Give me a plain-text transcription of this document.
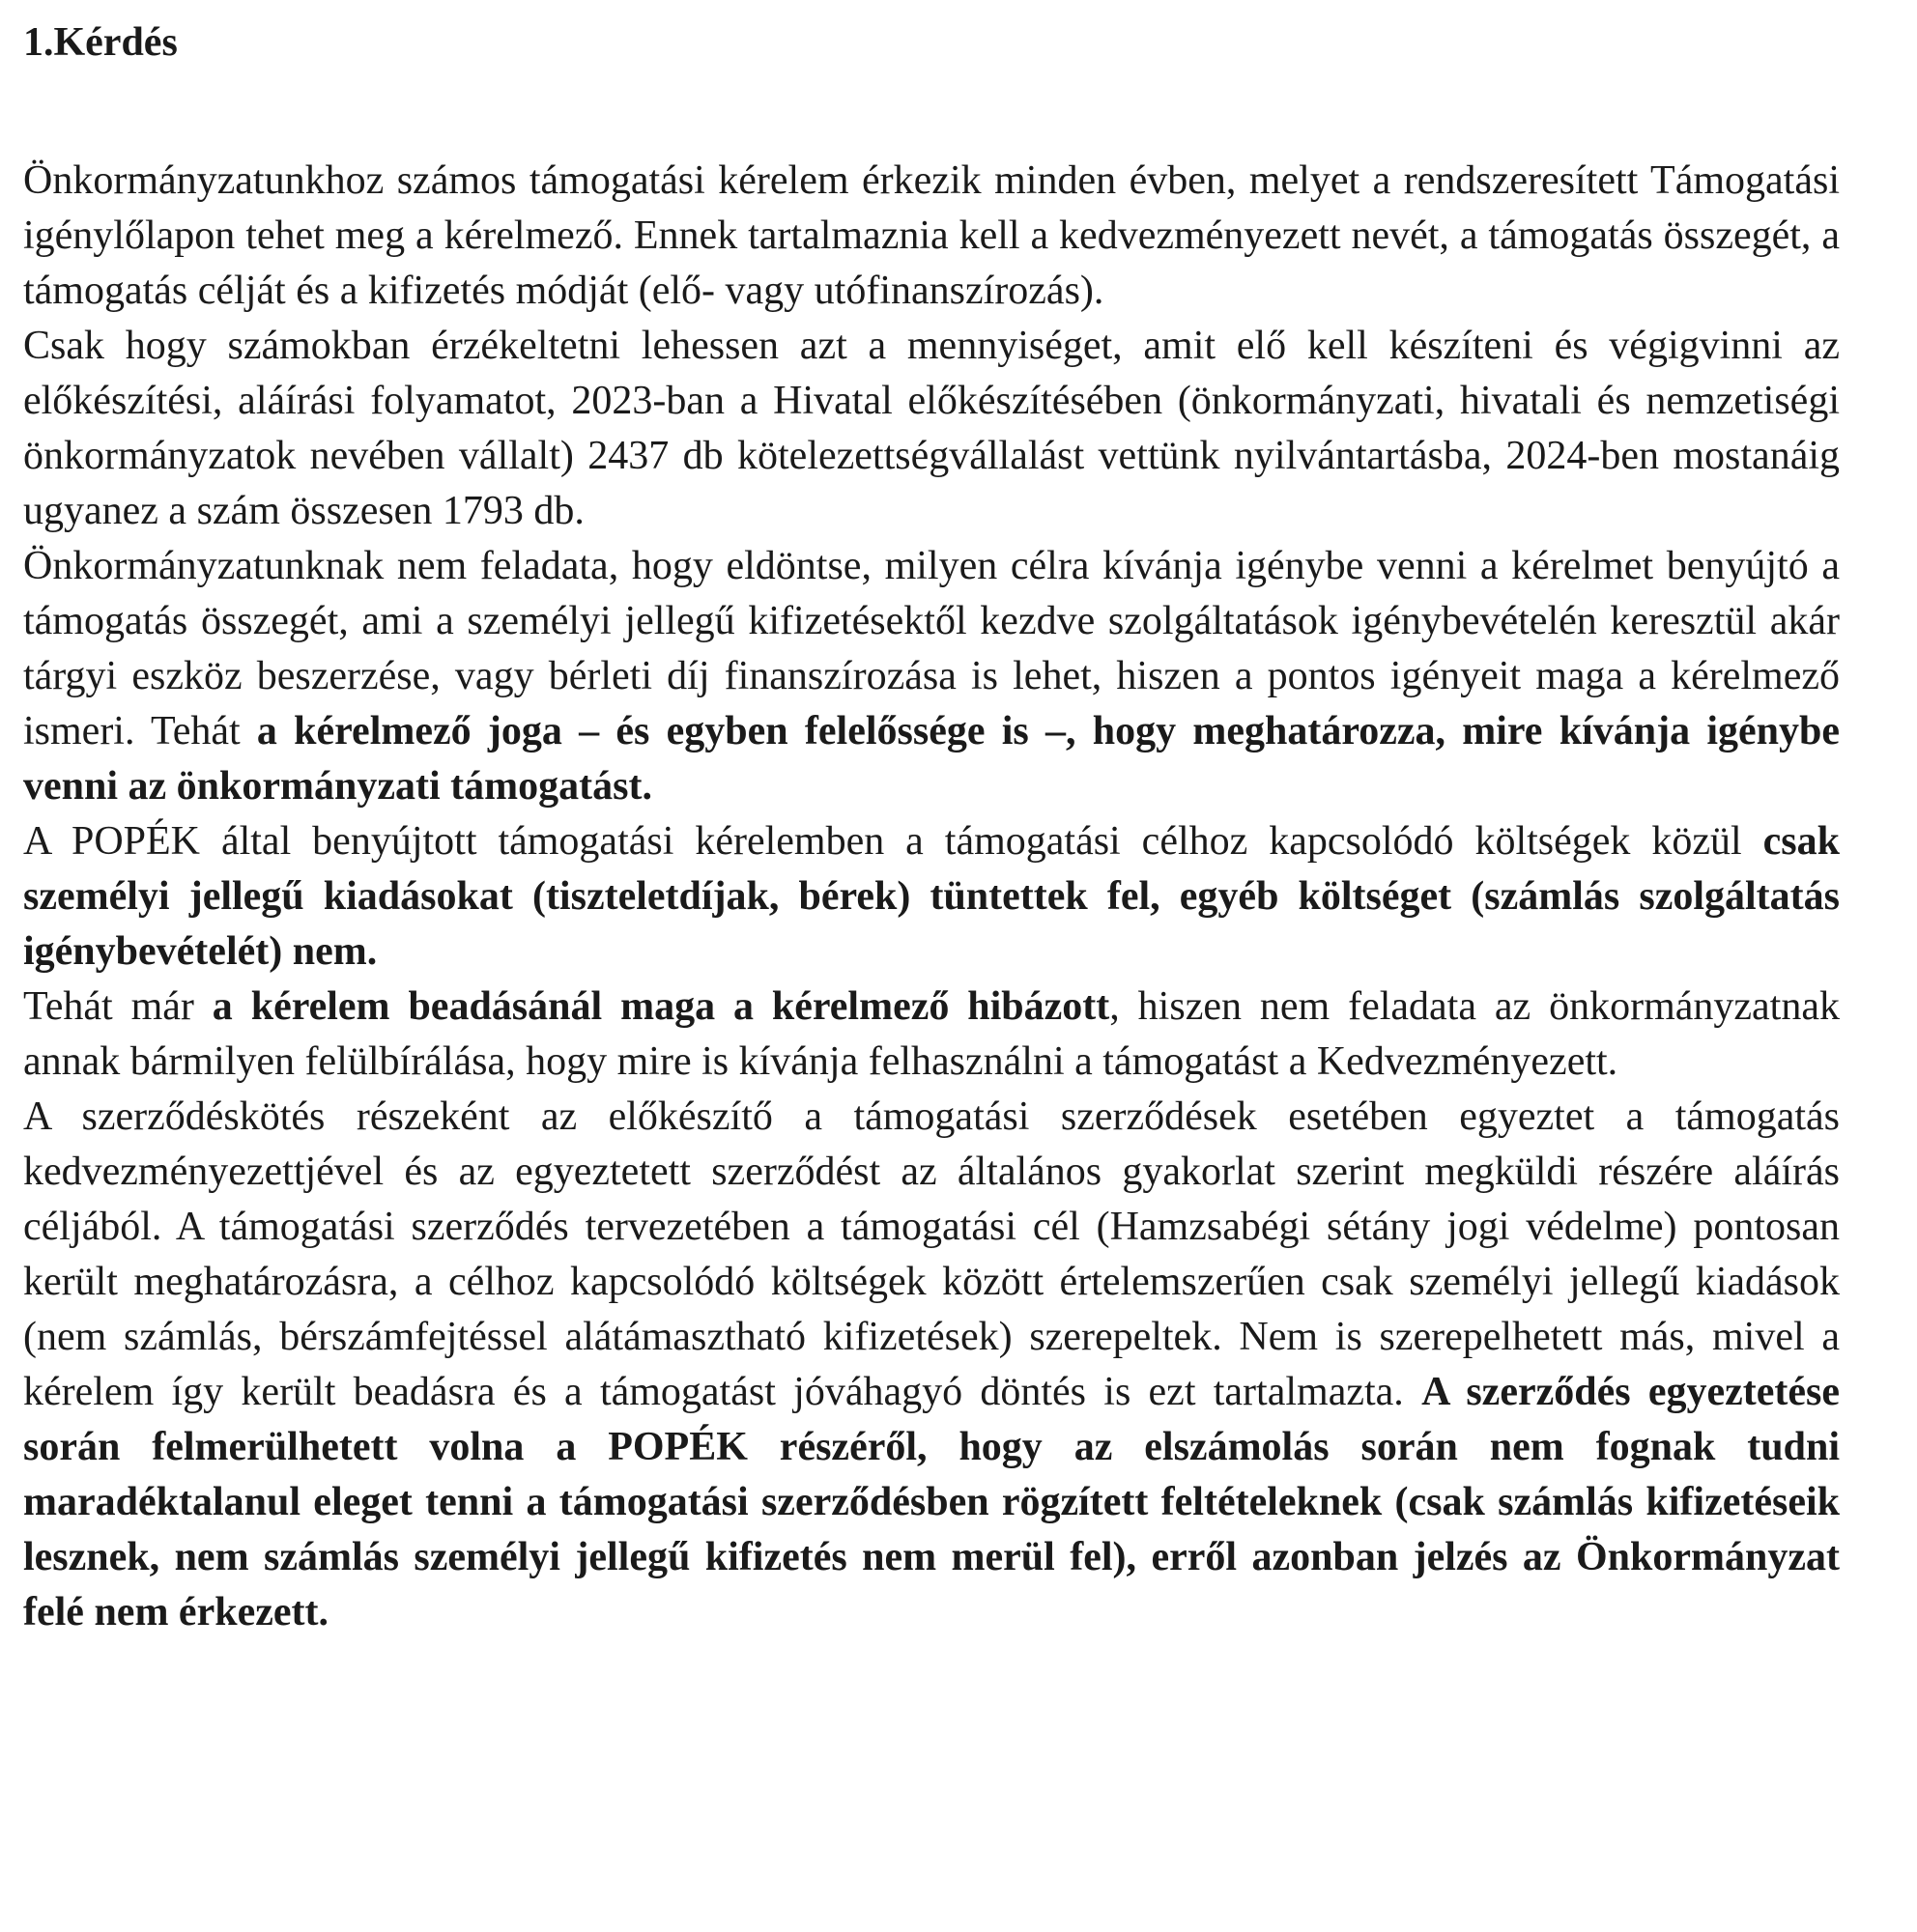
1.Kérdés

Önkormányzatunkhoz számos támogatási kérelem érkezik minden évben, melyet a rendszeresített Támogatási igénylőlapon tehet meg a kérelmező. Ennek tartalmaznia kell a kedvezményezett nevét, a támogatás összegét, a támogatás célját és a kifizetés módját (elő- vagy utófinanszírozás).

Csak hogy számokban érzékeltetni lehessen azt a mennyiséget, amit elő kell készíteni és végigvinni az előkészítési, aláírási folyamatot, 2023-ban a Hivatal előkészítésében (önkormányzati, hivatali és nemzetiségi önkormányzatok nevében vállalt) 2437 db kötelezettségvállalást vettünk nyilvántartásba, 2024-ben mostanáig ugyanez a szám összesen 1793 db.

Önkormányzatunknak nem feladata, hogy eldöntse, milyen célra kívánja igénybe venni a kérelmet benyújtó a támogatás összegét, ami a személyi jellegű kifizetésektől kezdve szolgáltatások igénybevételén keresztül akár tárgyi eszköz beszerzése, vagy bérleti díj finanszírozása is lehet, hiszen a pontos igényeit maga a kérelmező ismeri. Tehát a kérelmező joga – és egyben felelőssége is –, hogy meghatározza, mire kívánja igénybe venni az önkormányzati támogatást.

A POPÉK által benyújtott támogatási kérelemben a támogatási célhoz kapcsolódó költségek közül csak személyi jellegű kiadásokat (tiszteletdíjak, bérek) tüntettek fel, egyéb költséget (számlás szolgáltatás igénybevételét) nem.

Tehát már a kérelem beadásánál maga a kérelmező hibázott, hiszen nem feladata az önkormányzatnak annak bármilyen felülbírálása, hogy mire is kívánja felhasználni a támogatást a Kedvezményezett.

A szerződéskötés részeként az előkészítő a támogatási szerződések esetében egyeztet a támogatás kedvezményezettjével és az egyeztetett szerződést az általános gyakorlat szerint megküldi részére aláírás céljából. A támogatási szerződés tervezetében a támogatási cél (Hamzsabégi sétány jogi védelme) pontosan került meghatározásra, a célhoz kapcsolódó költségek között értelemszerűen csak személyi jellegű kiadások (nem számlás, bérszámfejtéssel alátámasztható kifizetések) szerepeltek. Nem is szerepelhetett más, mivel a kérelem így került beadásra és a támogatást jóváhagyó döntés is ezt tartalmazta. A szerződés egyeztetése során felmerülhetett volna a POPÉK részéről, hogy az elszámolás során nem fognak tudni maradéktalanul eleget tenni a támogatási szerződésben rögzített feltételeknek (csak számlás kifizetéseik lesznek, nem számlás személyi jellegű kifizetés nem merül fel), erről azonban jelzés az Önkormányzat felé nem érkezett.
